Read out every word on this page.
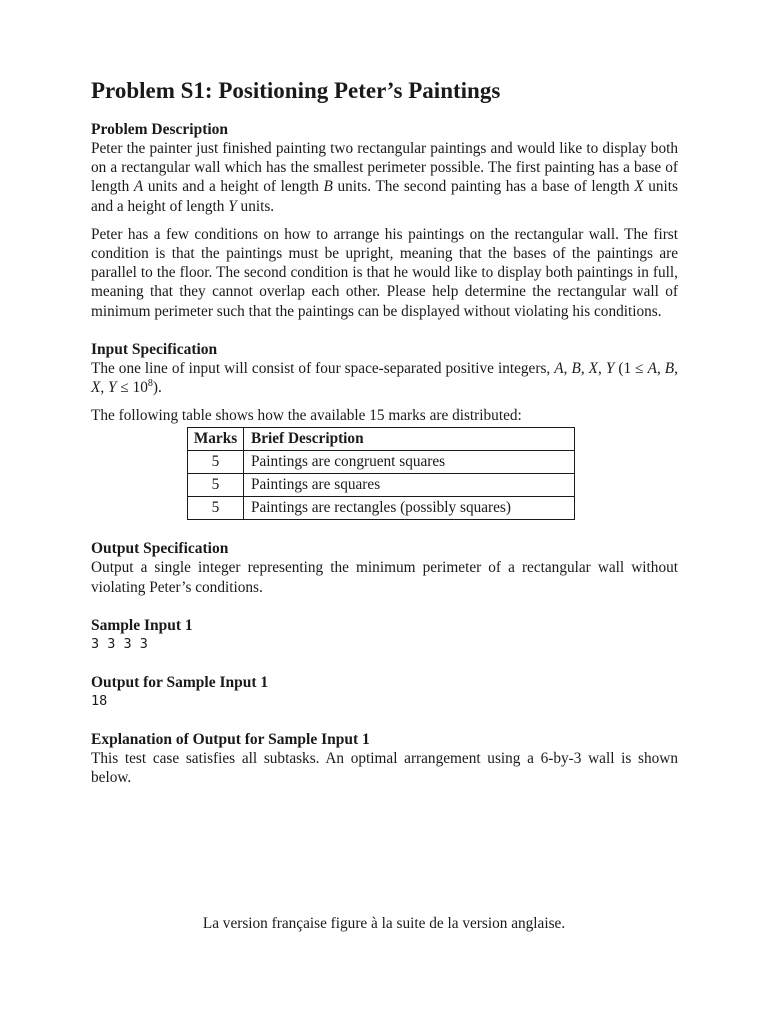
Problem S1: Positioning Peter’s Paintings
Problem Description

Peter the painter just finished painting two rectangular paintings and would like to display both on a rectangular wall which has the smallest perimeter possible. The first painting has a base of length A units and a height of length B units. The second painting has a base of length X units and a height of length Y units.

Peter has a few conditions on how to arrange his paintings on the rectangular wall. The first condition is that the paintings must be upright, meaning that the bases of the paintings are parallel to the floor. The second condition is that he would like to display both paintings in full, meaning that they cannot overlap each other. Please help determine the rectangular wall of minimum perimeter such that the paintings can be displayed without violating his conditions.

Input Specification

The one line of input will consist of four space-separated positive integers, A, B, X, Y (1 ≤ A, B, X, $Y \le 10^8$).

The following table shows how the available 15 marks are distributed:

Marks	Brief Description
5	Paintings are congruent squares
5	Paintings are squares
5	Paintings are rectangles (possibly squares)
Output Specification

Output a single integer representing the minimum perimeter of a rectangular wall without violating Peter’s conditions.

Sample Input 1

3 3 3 3

Output for Sample Input 1

18

Explanation of Output for Sample Input 1

This test case satisfies all subtasks. An optimal arrangement using a 6-by-3 wall is shown below.

La version française figure à la suite de la version anglaise.
